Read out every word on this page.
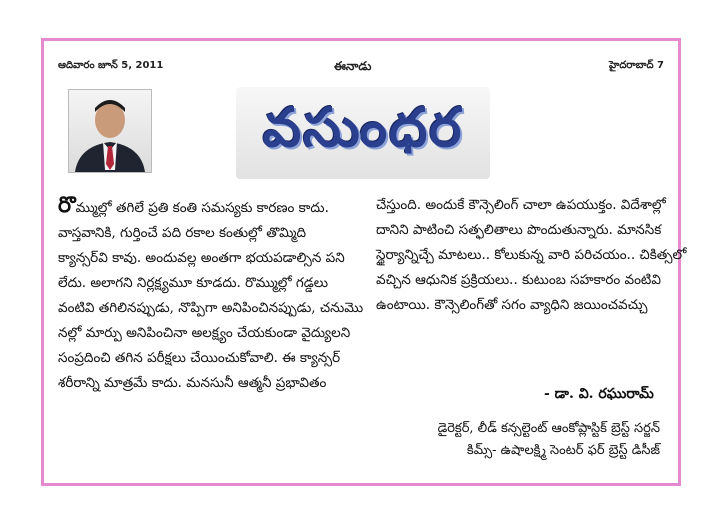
ఆదివారం జూన్ 5, 2011	ఈనాడు	హైదరాబాద్ 7
వసుంధర

రొమ్ముల్లో తగిలే ప్రతి కంతి సమస్యకు కారణం కాదు.

వాస్తవానికి, గుర్తించే పది రకాల కంతుల్లో తొమ్మిది

క్యాన్సర్‌వి కావు. అందువల్ల అంతగా భయపడాల్సిన పని

లేదు. అలాగని నిర్లక్ష్యమూ కూడదు. రొమ్ముల్లో గడ్డలు

వంటివి తగిలినప్పుడు, నొప్పిగా అనిపించినప్పుడు, చనుమొ

నల్లో మార్పు అనిపించినా అలక్ష్యం చేయకుండా వైద్యులని

సంప్రదించి తగిన పరీక్షలు చేయించుకోవాలి. ఈ క్యాన్సర్

శరీరాన్ని మాత్రమే కాదు. మనసునీ ఆత్మనీ ప్రభావితం

చేస్తుంది. అందుకే కౌన్సెలింగ్ చాలా ఉపయుక్తం. విదేశాల్లో

దానిని పాటించి సత్ఫలితాలు పొందుతున్నారు. మానసిక

స్థైర్యాన్నిచ్చే మాటలు.. కోలుకున్న వారి పరిచయం.. చికిత్సలో

వచ్చిన ఆధునిక ప్రక్రియలు.. కుటుంబ సహకారం వంటివి

ఉంటాయి. కౌన్సెలింగ్‌తో సగం వ్యాధిని జయించవచ్చు

- డా. వి. రఘురామ్
డైరెక్టర్, లీడ్ కన్సల్టెంట్ ఆంకోప్లాస్టిక్ బ్రెస్ట్ సర్జన్
కిమ్స్- ఉషాలక్ష్మి సెంటర్ ఫర్ బ్రెస్ట్ డిసీజ్
